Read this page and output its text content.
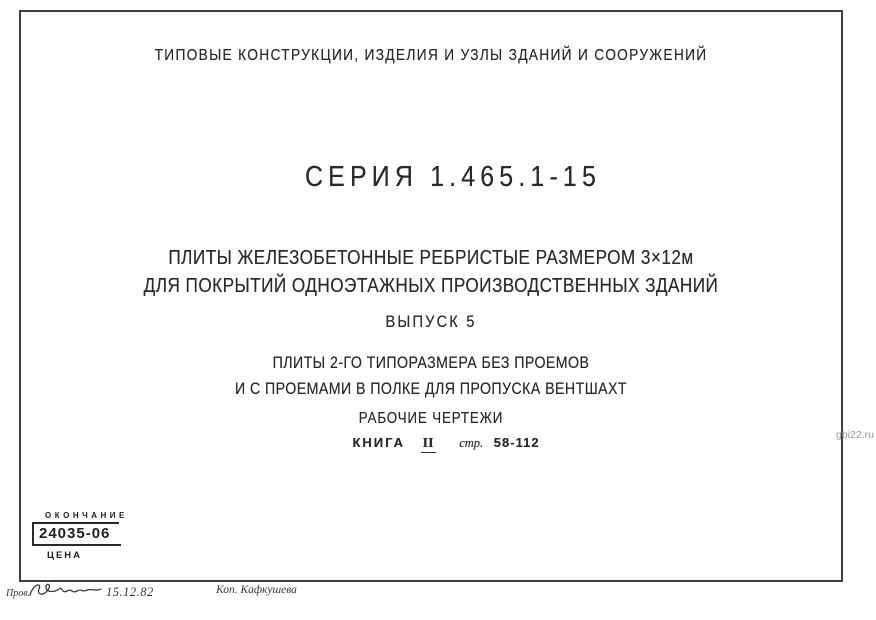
ТИПОВЫЕ КОНСТРУКЦИИ, ИЗДЕЛИЯ И УЗЛЫ ЗДАНИЙ И СООРУЖЕНИЙ
СЕРИЯ 1.465.1-15
ПЛИТЫ ЖЕЛЕЗОБЕТОННЫЕ РЕБРИСТЫЕ РАЗМЕРОМ 3×12м
ДЛЯ ПОКРЫТИЙ ОДНОЭТАЖНЫХ ПРОИЗВОДСТВЕННЫХ ЗДАНИЙ
ВЫПУСК 5
ПЛИТЫ 2-ГО ТИПОРАЗМЕРА БЕЗ ПРОЕМОВ
И С ПРОЕМАМИ В ПОЛКЕ ДЛЯ ПРОПУСКА ВЕНТШАХТ
РАБОЧИЕ ЧЕРТЕЖИ
КНИГА II стр. 58-112
ОКОНЧАНИЕ
24035-06
ЦЕНА
Пров.	15.12.82	Коп. Кафкушева
gbi22.ru
